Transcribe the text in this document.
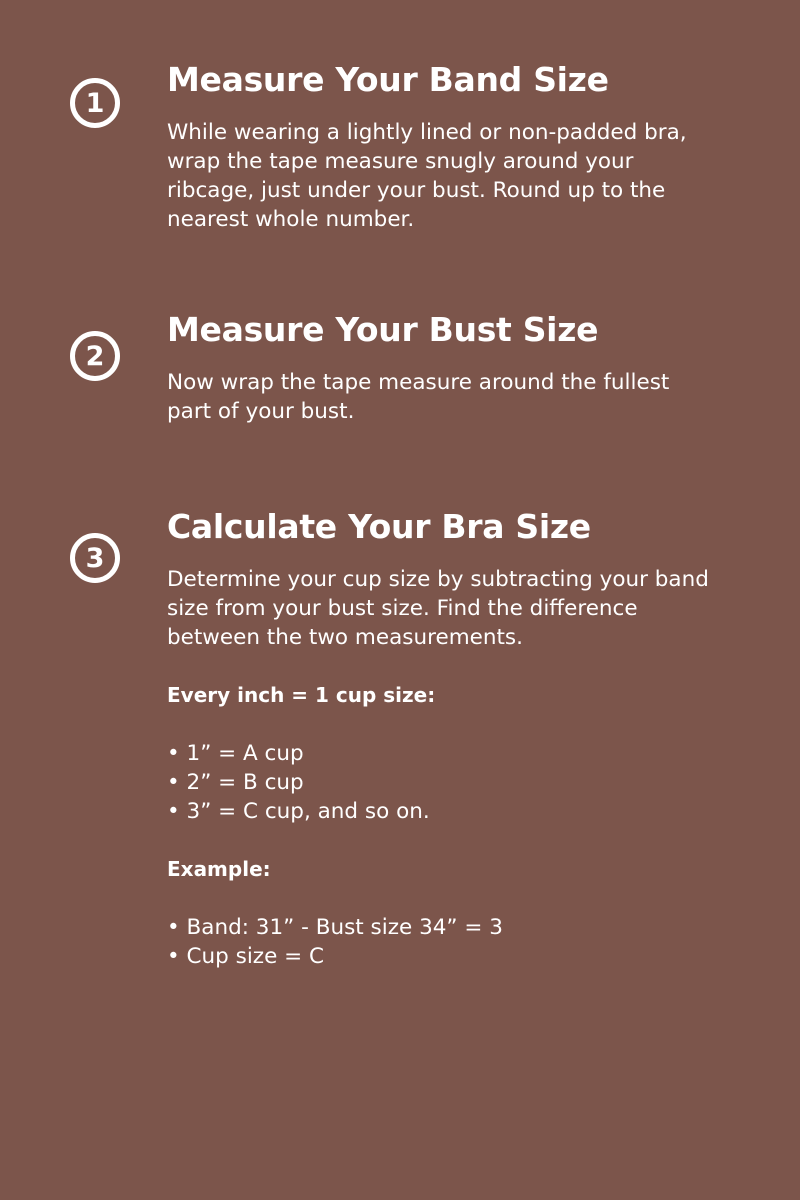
1
Measure Your Band Size

While wearing a lightly lined or non-padded bra, wrap the tape measure snugly around your ribcage, just under your bust. Round up to the nearest whole number.

2
Measure Your Bust Size

Now wrap the tape measure around the fullest part of your bust.

3
Calculate Your Bra Size

Determine your cup size by subtracting your band size from your bust size. Find the difference between the two measurements.

Every inch = 1 cup size:

• 1” = A cup
• 2” = B cup
• 3” = C cup, and so on.

Example:

• Band: 31” - Bust size 34” = 3
• Cup size = C
